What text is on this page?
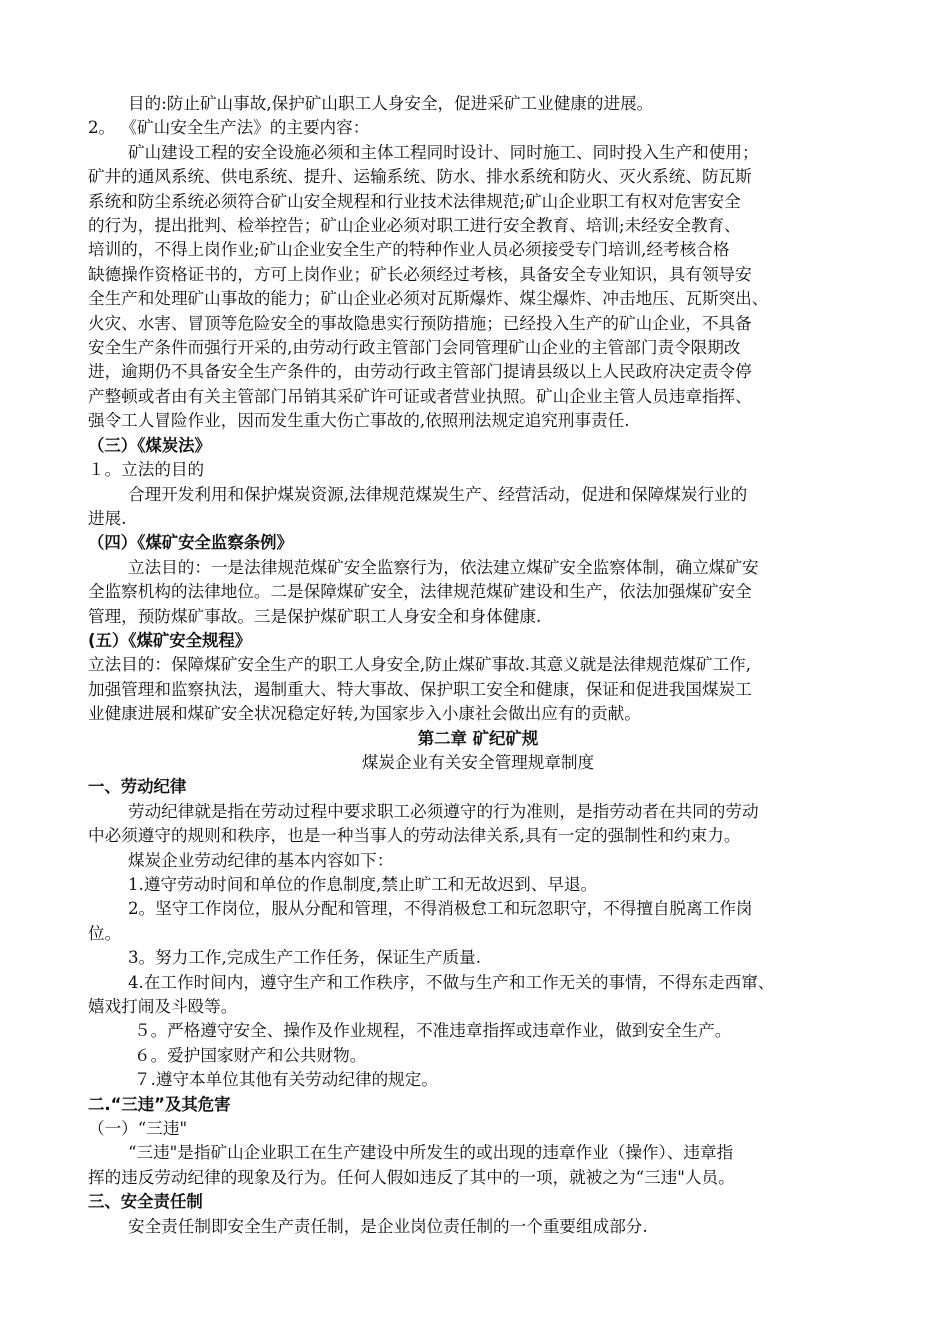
目的:防止矿山事故,保护矿山职工人身安全，促进采矿工业健康的进展。

2。 《矿山安全生产法》的主要内容：

矿山建设工程的安全设施必须和主体工程同时设计、同时施工、同时投入生产和使用；

矿井的通风系统、供电系统、提升、运输系统、防水、排水系统和防火、灭火系统、防瓦斯

系统和防尘系统必须符合矿山安全规程和行业技术法律规范;矿山企业职工有权对危害安全

的行为，提出批判、检举控告；矿山企业必须对职工进行安全教育、培训;未经安全教育、

培训的，不得上岗作业;矿山企业安全生产的特种作业人员必须接受专门培训,经考核合格

缺德操作资格证书的，方可上岗作业；矿长必须经过考核，具备安全专业知识，具有领导安

全生产和处理矿山事故的能力；矿山企业必须对瓦斯爆炸、煤尘爆炸、冲击地压、瓦斯突出、

火灾、水害、冒顶等危险安全的事故隐患实行预防措施；已经投入生产的矿山企业，不具备

安全生产条件而强行开采的,由劳动行政主管部门会同管理矿山企业的主管部门责令限期改

进，逾期仍不具备安全生产条件的，由劳动行政主管部门提请县级以上人民政府决定责令停

产整顿或者由有关主管部门吊销其采矿许可证或者营业执照。矿山企业主管人员违章指挥、

强令工人冒险作业，因而发生重大伤亡事故的,依照刑法规定追究刑事责任.

（三）《煤炭法》

１。立法的目的

合理开发利用和保护煤炭资源,法律规范煤炭生产、经营活动，促进和保障煤炭行业的

进展.

（四）《煤矿安全监察条例》

立法目的：一是法律规范煤矿安全监察行为，依法建立煤矿安全监察体制，确立煤矿安

全监察机构的法律地位。二是保障煤矿安全，法律规范煤矿建设和生产，依法加强煤矿安全

管理，预防煤矿事故。三是保护煤矿职工人身安全和身体健康.

(五）《煤矿安全规程》

立法目的：保障煤矿安全生产的职工人身安全,防止煤矿事故.其意义就是法律规范煤矿工作,

加强管理和监察执法，遏制重大、特大事故、保护职工安全和健康，保证和促进我国煤炭工

业健康进展和煤矿安全状况稳定好转,为国家步入小康社会做出应有的贡献。

第二章 矿纪矿规

煤炭企业有关安全管理规章制度

一、劳动纪律

劳动纪律就是指在劳动过程中要求职工必须遵守的行为准则，是指劳动者在共同的劳动

中必须遵守的规则和秩序，也是一种当事人的劳动法律关系,具有一定的强制性和约束力。

煤炭企业劳动纪律的基本内容如下：

1.遵守劳动时间和单位的作息制度,禁止旷工和无故迟到、早退。

2。坚守工作岗位，服从分配和管理，不得消极怠工和玩忽职守，不得擅自脱离工作岗

位。

3。努力工作,完成生产工作任务，保证生产质量.

4.在工作时间内，遵守生产和工作秩序，不做与生产和工作无关的事情，不得东走西窜、

嬉戏打闹及斗殴等。

５。严格遵守安全、操作及作业规程，不准违章指挥或违章作业，做到安全生产。

６。爱护国家财产和公共财物。

７.遵守本单位其他有关劳动纪律的规定。

二.“三违”及其危害

（一）“三违"

“三违"是指矿山企业职工在生产建设中所发生的或出现的违章作业（操作）、违章指

挥的违反劳动纪律的现象及行为。任何人假如违反了其中的一项，就被之为“三违"人员。

三、安全责任制

安全责任制即安全生产责任制，是企业岗位责任制的一个重要组成部分.
